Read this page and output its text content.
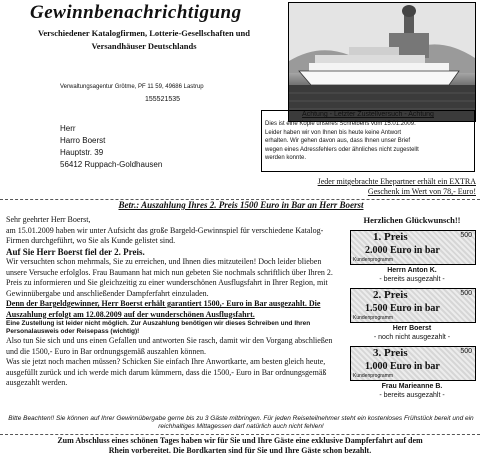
Gewinnbenachrichtigung
Verschiedener Katalogfirmen, Lotterie-Gesellschaften und
Versandhäuser Deutschlands
Verwaltungsagentur Grötme, PF 11 59, 49686 Lastrup
155521535
Herr
Harro Boerst
Hauptstr. 39
56412 Ruppach-Goldhausen
Achtung - Letzter Zustellversuch - Achtung
Dies ist eine Kopie unseres Schreibens vom 15.01.2009.
Leider haben wir von Ihnen bis heute keine Antwort
erhalten. Wir gehen davon aus, dass Ihnen unser Brief
wegen eines Adressfehlers oder ähnliches nicht zugestellt
werden konnte.
Jeder mitgebrachte Ehepartner erhält ein EXTRA
Geschenk im Wert von 78,- Euro!
Betr.: Auszahlung Ihres 2. Preis 1500 Euro in Bar an Herr Boerst

Sehr geehrter Herr Boerst,

am 15.01.2009 haben wir unter Aufsicht das große Bargeld-Gewinnspiel für verschiedene Katalog-Firmen durchgeführt, wo Sie als Kunde gelistet sind.

Auf Sie Herr Boerst fiel der 2. Preis.

Wir versuchten schon mehrmals, Sie zu erreichen, und Ihnen dies mitzuteilen! Doch leider blieben unsere Versuche erfolglos. Frau Baumann hat mich nun gebeten Sie nochmals schriftlich über Ihren 2. Preis zu informieren und Sie gleichzeitig zu einer wunderschönen Ausflugsfahrt in Ihrer Region, mit Gewinnübergabe und anschließender Dampferfahrt einzuladen.

Denn der Bargeldgewinner, Herr Boerst erhält garantiert 1500,- Euro in Bar ausgezahlt. Die Auszahlung erfolgt am 12.08.2009 auf der wunderschönen Ausflugsfahrt.

Eine Zustellung ist leider nicht möglich. Zur Auszahlung benötigen wir dieses Schreiben und Ihren Personalausweis oder Reisepass (wichtig)!

Also tun Sie sich und uns einen Gefallen und antworten Sie rasch, damit wir den Vorgang abschließen und die 1500,- Euro in Bar ordnungsgemäß auszahlen können.

Was sie jetzt noch machen müssen? Schicken Sie einfach Ihre Anwortkarte, am besten gleich heute, ausgefüllt zurück und ich werde mich darum kümmern, dass die 1500,- Euro in Bar ordnungsgemäß ausgezahlt werden.

Herzlichen Glückwunsch!!
500
1. Preis
2.000 Euro in bar
Kundenprogramm
Herrn Anton K.
- bereits ausgezahlt -
500
2. Preis
1.500 Euro in bar
Kundenprogramm
Herr Boerst
- noch nicht ausgezahlt -
500
3. Preis
1.000 Euro in bar
Kundenprogramm
Frau Marieanne B.
- bereits ausgezahlt -
Bitte Beachten!! Sie können auf Ihrer Gewinnübergabe gerne bis zu 3 Gäste mitbringen. Für jeden Reiseteilnehmer steht ein kostenloses Frühstück bereit und ein reichhaltiges Mittagessen darf natürlich auch nicht fehlen!
Zum Abschluss eines schönen Tages haben wir für Sie und Ihre Gäste eine exklusive Dampferfahrt auf dem
Rhein vorbereitet. Die Bordkarten sind für Sie und Ihre Gäste schon bezahlt.
